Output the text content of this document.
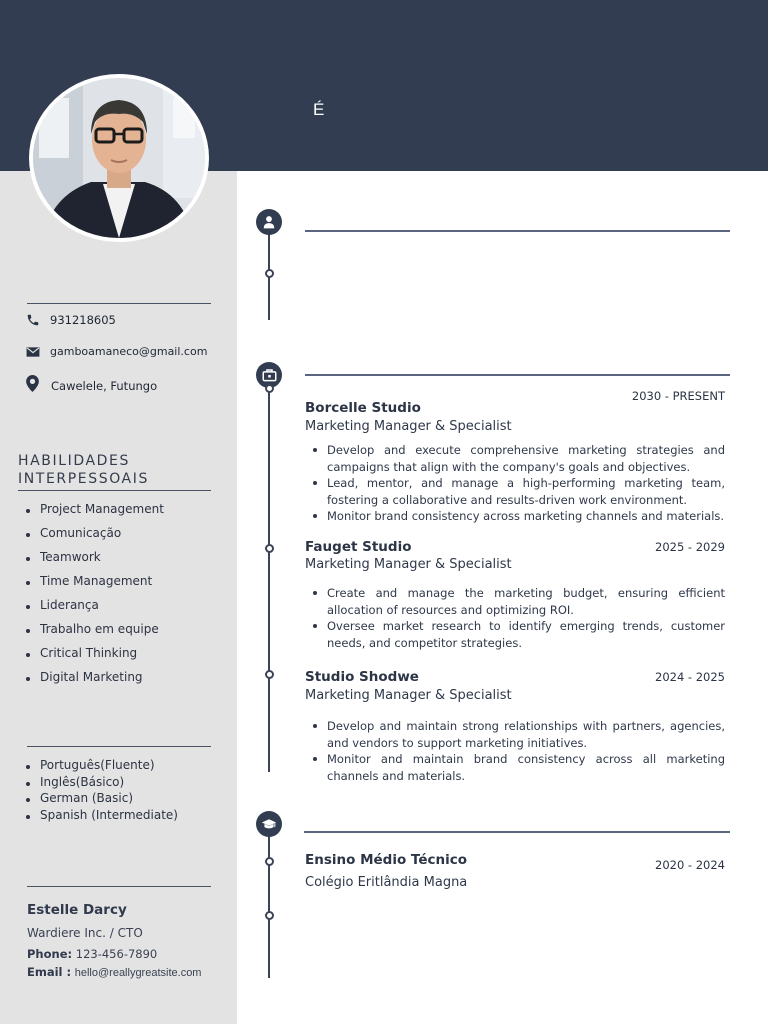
É
931218605
gamboamaneco@gmail.com
Cawelele, Futungo
HABILIDADES INTERPESSOAIS
Project Management
Comunicação
Teamwork
Time Management
Liderança
Trabalho em equipe
Critical Thinking
Digital Marketing
Português(Fluente)
Inglês(Básico)
German (Basic)
Spanish (Intermediate)
Estelle Darcy
Wardiere Inc. / CTO
Phone: 123-456-7890
Email : hello@reallygreatsite.com
2030 - PRESENT
Borcelle Studio
Marketing Manager & Specialist
Develop and execute comprehensive marketing strategies and campaigns that align with the company's goals and objectives.
Lead, mentor, and manage a high-performing marketing team, fostering a collaborative and results-driven work environment.
Monitor brand consistency across marketing channels and materials.
Fauget Studio	2025 - 2029
Marketing Manager & Specialist
Create and manage the marketing budget, ensuring efficient allocation of resources and optimizing ROI.
Oversee market research to identify emerging trends, customer needs, and competitor strategies.
Studio Shodwe	2024 - 2025
Marketing Manager & Specialist
Develop and maintain strong relationships with partners, agencies, and vendors to support marketing initiatives.
Monitor and maintain brand consistency across all marketing channels and materials.
Ensino Médio Técnico	2020 - 2024
Colégio Eritlândia Magna
